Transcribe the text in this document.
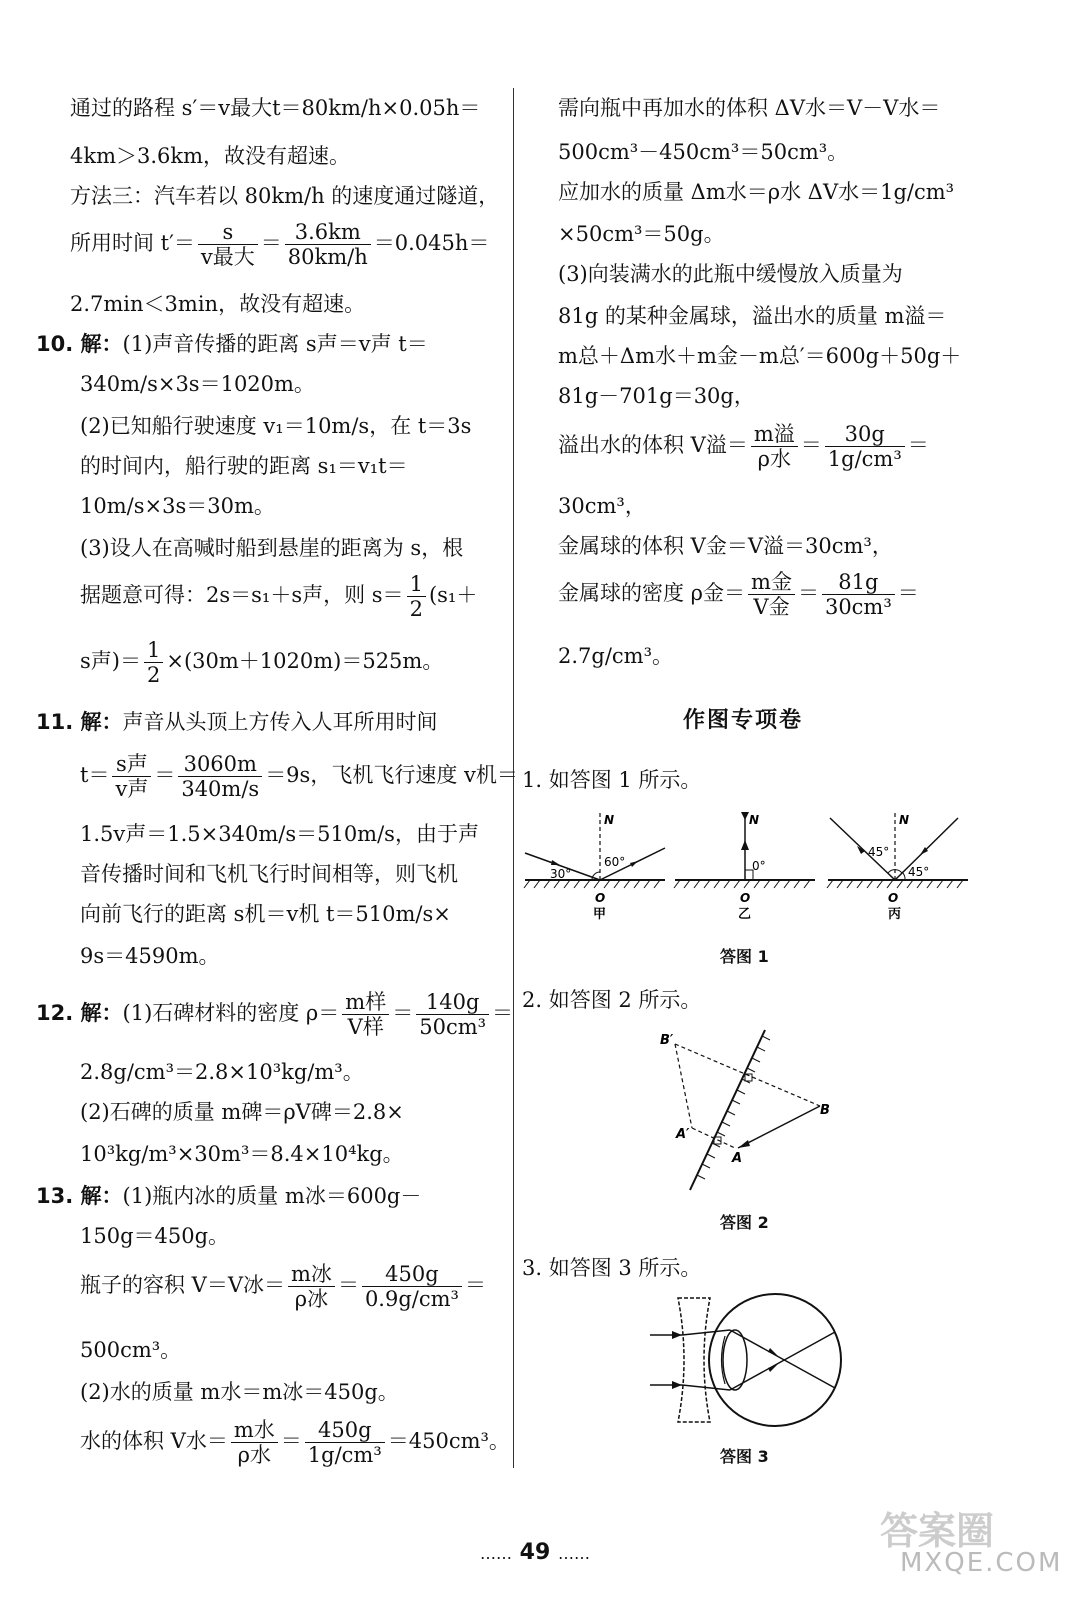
通过的路程 s′＝v最大t＝80km/h×0.05h＝
4km＞3.6km，故没有超速。
方法三：汽车若以 80km/h 的速度通过隧道，
所用时间 $t'= \frac{s}{\text{v最大}} = \frac{3.6km}{80km/h} =0.045h=$
2.7min＜3min，故没有超速。
10. 解：(1)声音传播的距离 s声＝v声 t＝
340m/s×3s＝1020m。
(2)已知船行驶速度 v₁＝10m/s，在 t＝3s
的时间内，船行驶的距离 s₁＝v₁t＝
10m/s×3s＝30m。
(3)设人在高喊时船到悬崖的距离为 s，根
据题意可得：2s＝s₁＋s声，则 $s= \frac{1}{2} (s_1+$
s声)＝ $\frac{1}{2} \times(30m+1020m)=525m$。
11. 解：声音从头顶上方传入人耳所用时间
$t= \frac{\text{s声}}{\text{v声}} = \frac{3060m}{340m/s} =9s$，飞机飞行速度 v机＝
1.5v声＝1.5×340m/s＝510m/s，由于声
音传播时间和飞机飞行时间相等，则飞机
向前飞行的距离 s机＝v机 t＝510m/s×
9s＝4590m。
12. 解：(1)石碑材料的密度 $\rho= \frac{\text{m样}}{\text{V样}} = \frac{140g}{\text{50cm³}}$ ＝
2.8g/cm³＝2.8×10³kg/m³。
(2)石碑的质量 m碑＝ρV碑＝2.8×
10³kg/m³×30m³＝8.4×10⁴kg。
13. 解：(1)瓶内冰的质量 m冰＝600g－
150g＝450g。
瓶子的容积 V＝V冰＝ $\frac{\text{m冰}}{\text{ρ冰}} = \frac{450g}{\text{0.9g/cm³}}$ ＝
500cm³。
(2)水的质量 m水＝m冰＝450g。
水的体积 V水＝ $\frac{\text{m水}}{\text{ρ水}} = \frac{450g}{\text{1g/cm³}} =450cm^3$。
需向瓶中再加水的体积 ΔV水＝V－V水＝
500cm³－450cm³＝50cm³。
应加水的质量 Δm水＝ρ水 ΔV水＝1g/cm³
×50cm³＝50g。
(3)向装满水的此瓶中缓慢放入质量为
81g 的某种金属球，溢出水的质量 m溢＝
m总＋Δm水＋m金－m总′＝600g＋50g＋
81g－701g＝30g，
溢出水的体积 V溢＝ $\frac{\text{m溢}}{\text{ρ水}} = \frac{30g}{\text{1g/cm³}}$ ＝
30cm³，
金属球的体积 V金＝V溢＝30cm³，
金属球的密度 ρ金＝ $\frac{\text{m金}}{\text{V金}} = \frac{81g}{\text{30cm³}}$ ＝
2.7g/cm³。
作图专项卷
1. 如答图 1 所示。
N
30°
60°
O
甲
N
0°
O
乙
N
45°
45°
O
丙
答图 1
2. 如答图 2 所示。
B′
B
A′
A
答图 2
3. 如答图 3 所示。
答图 3
…… 49 ……
答案圈
MXQE.COM
